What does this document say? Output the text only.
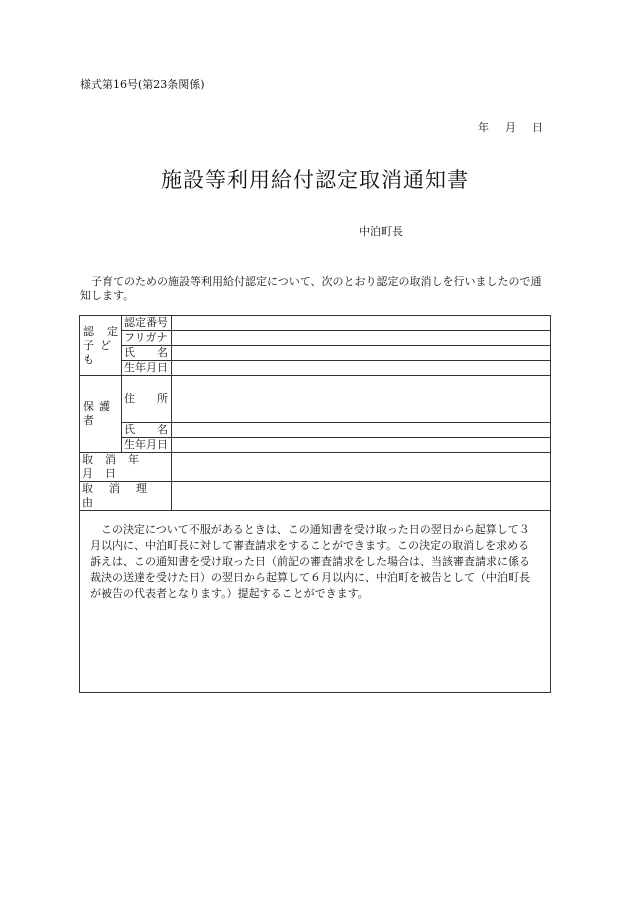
様式第16号(第23条関係)
年 月 日
施設等利用給付認定取消通知書
中泊町長
子育てのための施設等利用給付認定について、次のとおり認定の取消しを行いましたので通知します。
認 定
子ども	認定番号	
	フリガナ	
	氏　　名	
	生年月日	
保護者	住　　所	
	氏　　名	
	生年月日	
取消年月日		
取消理由		
この決定について不服があるときは、この通知書を受け取った日の翌日から起算して３月以内に、中泊町長に対して審査請求をすることができます。この決定の取消しを求める訴えは、この通知書を受け取った日（前記の審査請求をした場合は、当該審査請求に係る裁決の送達を受けた日）の翌日から起算して６月以内に、中泊町を被告として（中泊町長が被告の代表者となります。）提起することができます。		
